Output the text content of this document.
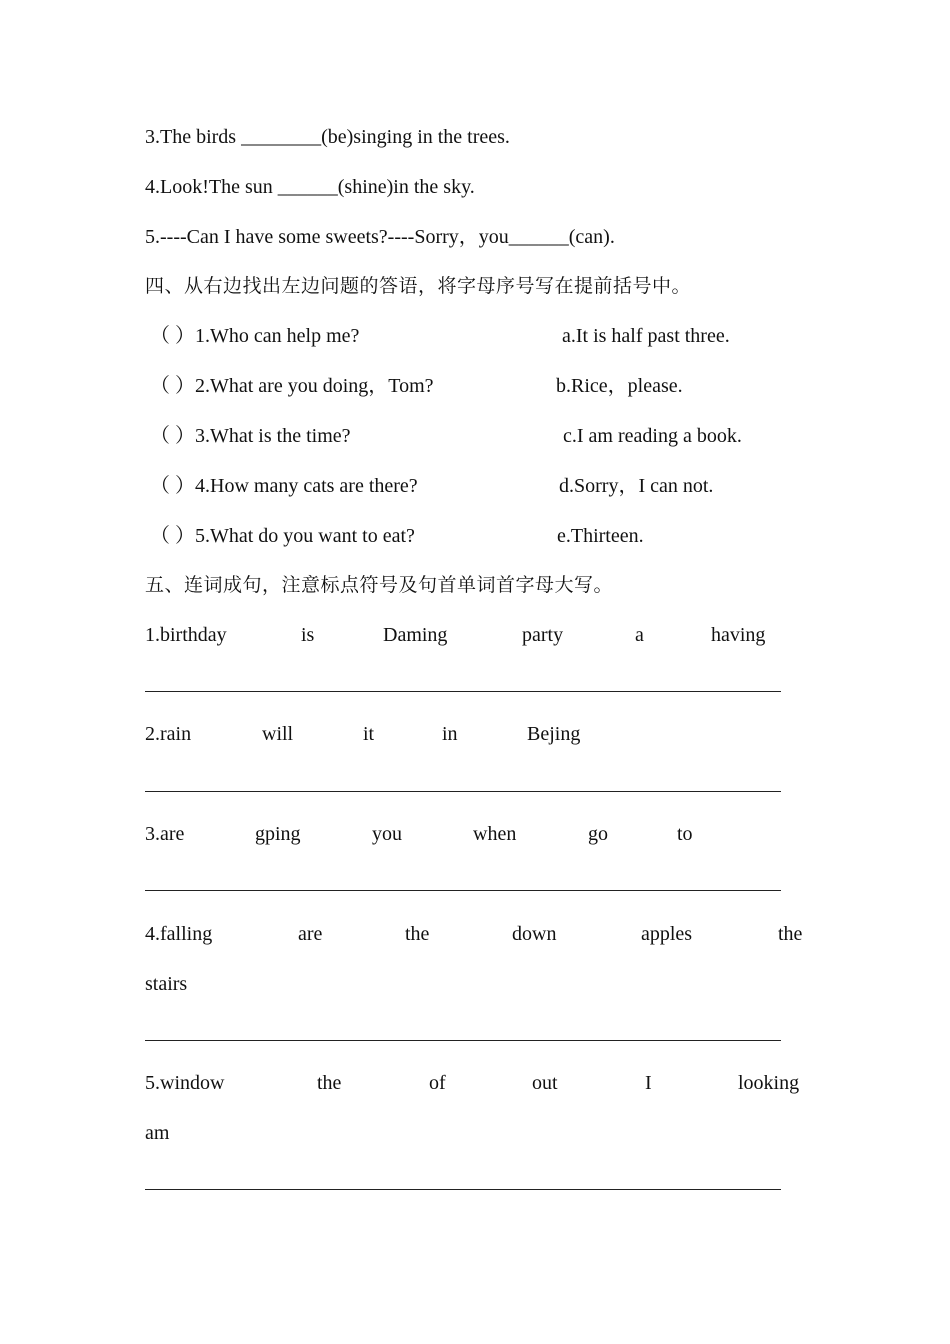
3.The birds ________(be)singing in the trees.
4.Look!The sun ______(shine)in the sky.
5.----Can I have some sweets?----Sorry，you______(can).
四、从右边找出左边问题的答语，将字母序号写在提前括号中。
（ ）1.Who can help me?	a.It is half past three.
（ ）2.What are you doing，Tom?	b.Rice，please.
（ ）3.What is the time?	c.I am reading a book.
（ ）4.How many cats are there?	d.Sorry，I can not.
（ ）5.What do you want to eat?	e.Thirteen.
五、连词成句，注意标点符号及句首单词首字母大写。
1.birthday	is	Daming	party	a	having
2.rain	will	it	in	Bejing
3.are	gping	you	when	go	to
4.falling	are	the	down	apples	the
stairs
5.window	the	of	out	I	looking
am
